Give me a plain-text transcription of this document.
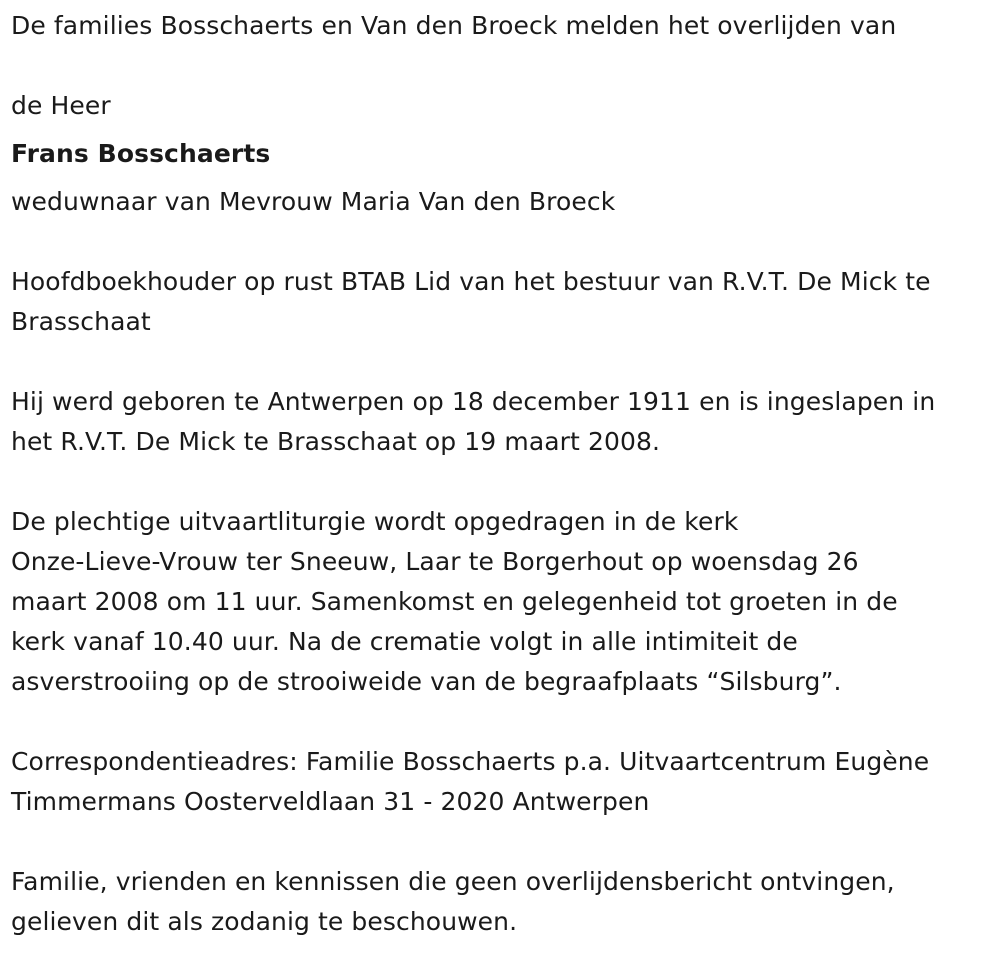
De families Bosschaerts en Van den Broeck melden het overlijden van
de Heer
Frans Bosschaerts
weduwnaar van Mevrouw Maria Van den Broeck
Hoofdboekhouder op rust BTAB Lid van het bestuur van R.V.T. De Mick te
Brasschaat
Hij werd geboren te Antwerpen op 18 december 1911 en is ingeslapen in
het R.V.T. De Mick te Brasschaat op 19 maart 2008.
De plechtige uitvaartliturgie wordt opgedragen in de kerk
Onze-Lieve-Vrouw ter Sneeuw, Laar te Borgerhout op woensdag 26
maart 2008 om 11 uur. Samenkomst en gelegenheid tot groeten in de
kerk vanaf 10.40 uur. Na de crematie volgt in alle intimiteit de
asverstrooiing op de strooiweide van de begraafplaats “Silsburg”.
Correspondentieadres: Familie Bosschaerts p.a. Uitvaartcentrum Eugène
Timmermans Oosterveldlaan 31 - 2020 Antwerpen
Familie, vrienden en kennissen die geen overlijdensbericht ontvingen,
gelieven dit als zodanig te beschouwen.
